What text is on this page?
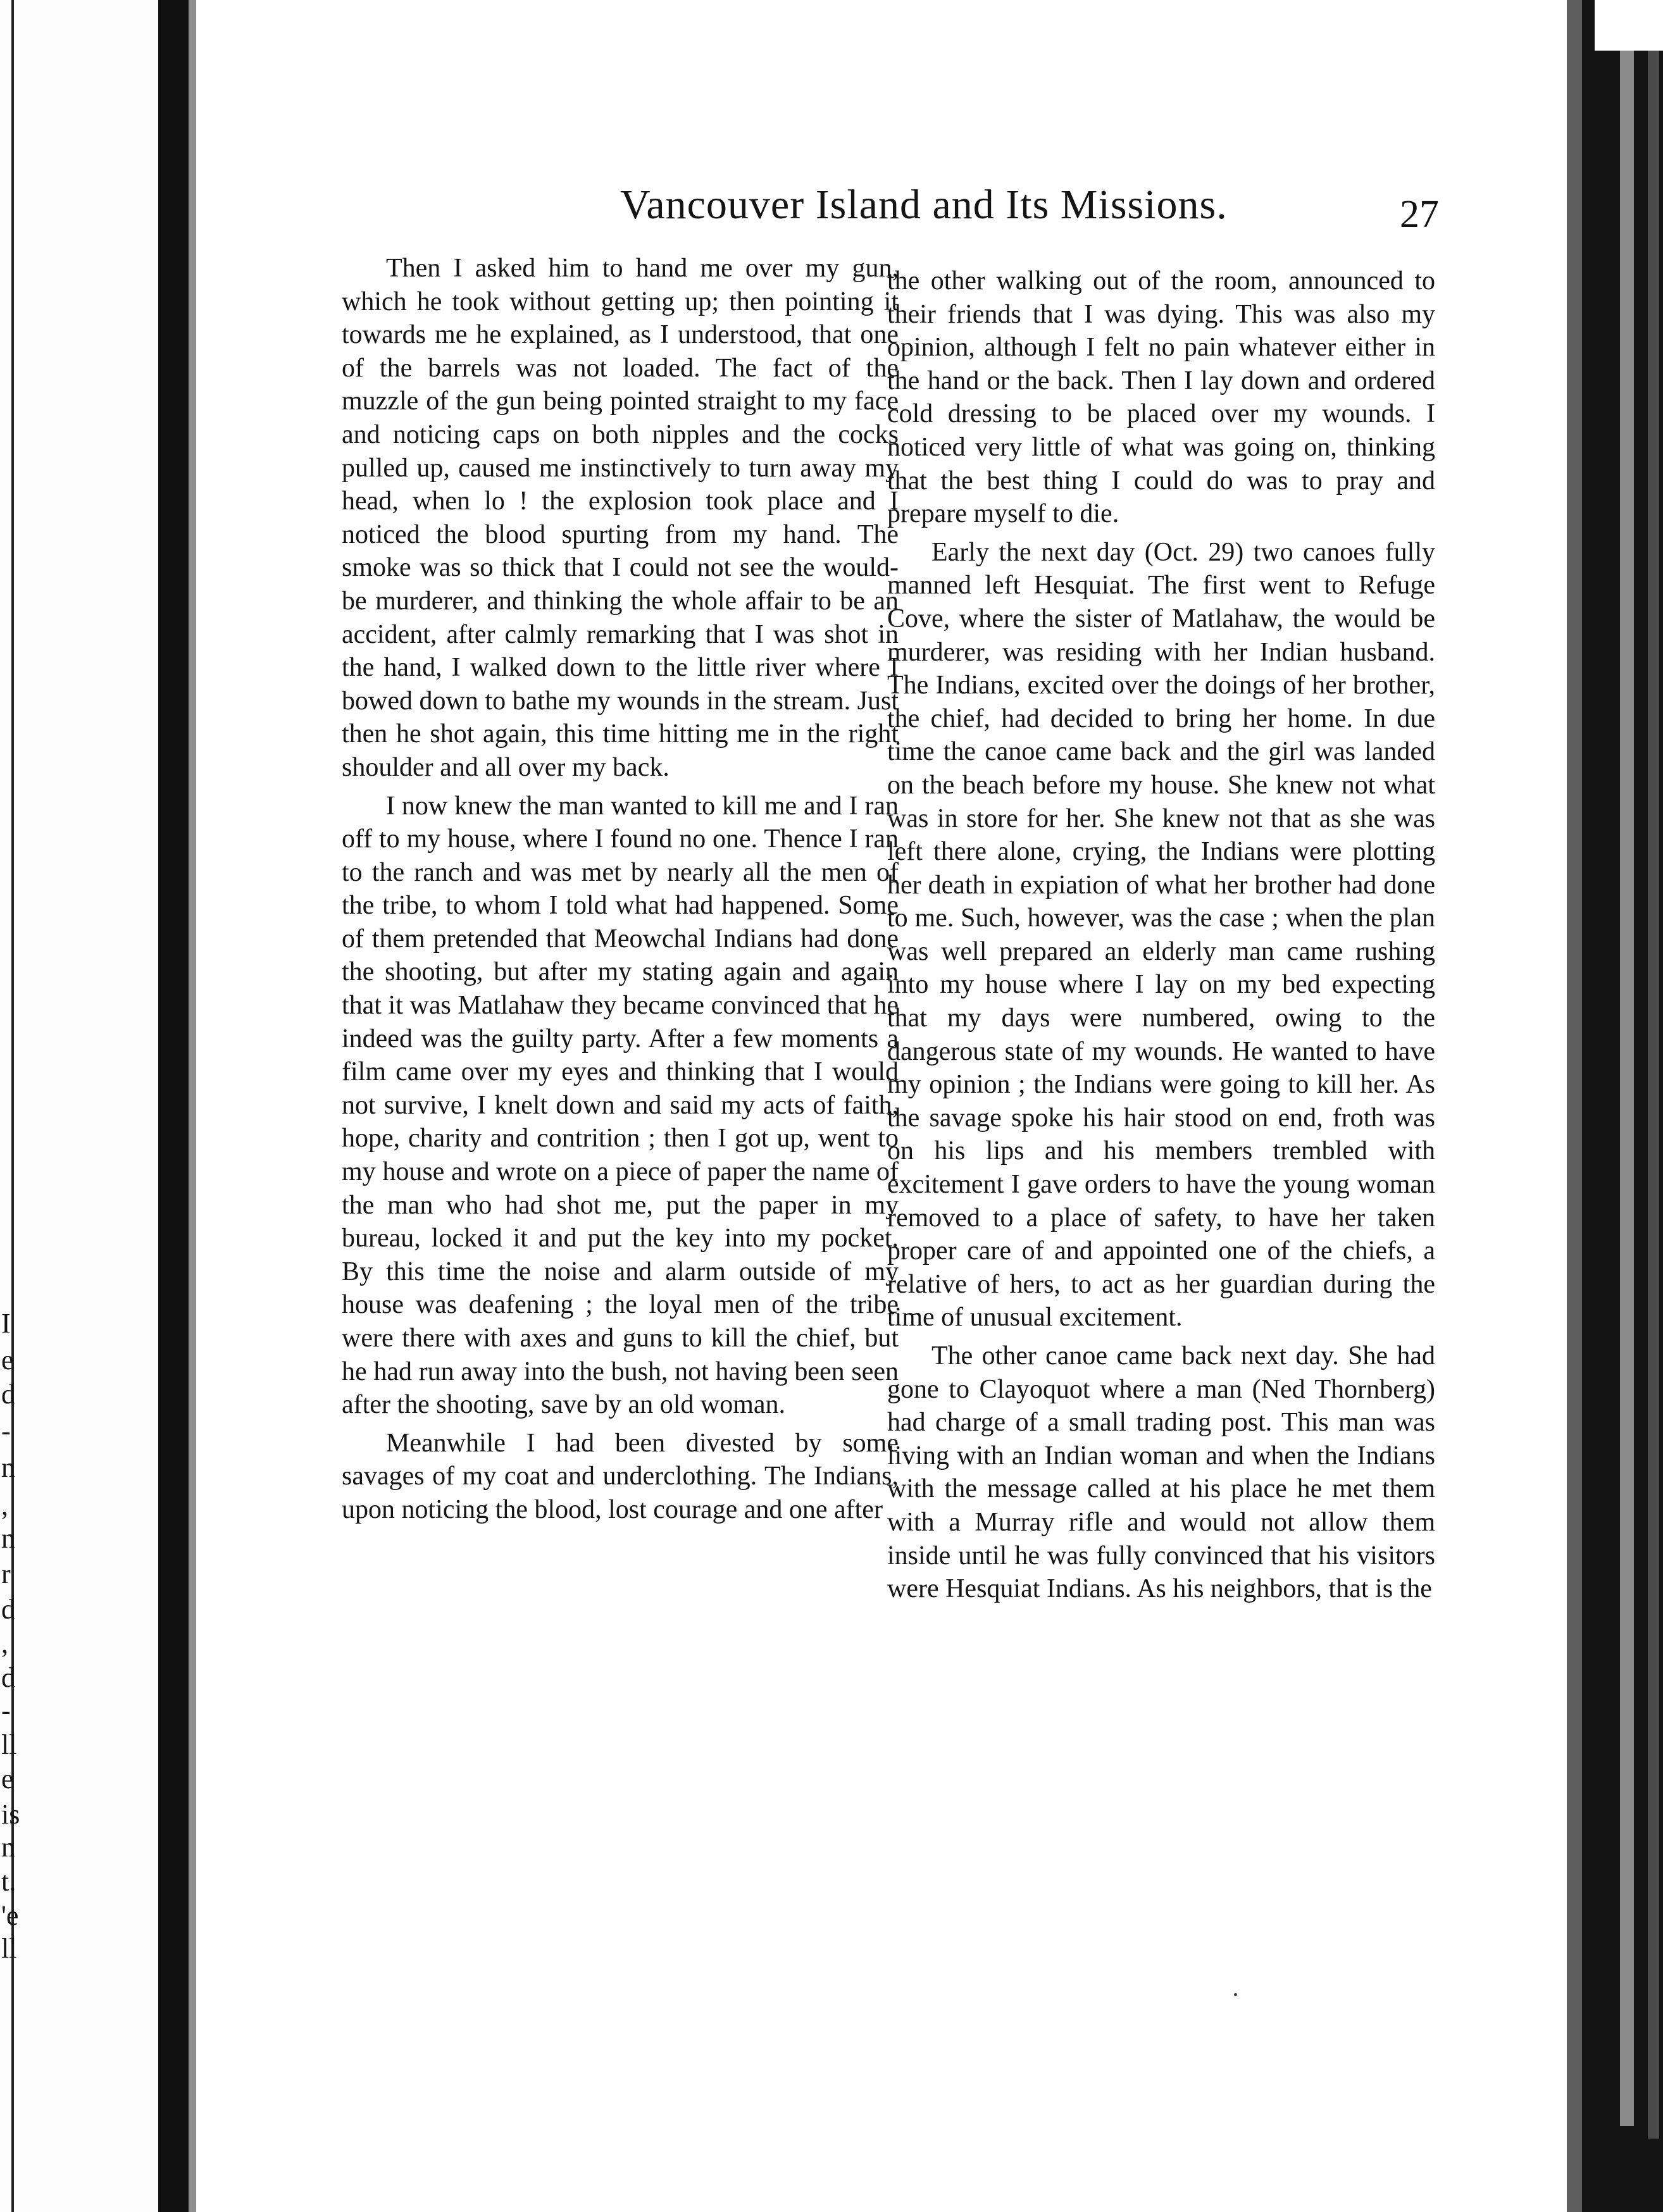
I
e
d
-
n
,
n
r
d
,
d
-
ll
e
is
n
t.
'e
ll
Vancouver Island and Its Missions.	27

Then I asked him to hand me over my gun, which he took without getting up; then pointing it towards me he explained, as I understood, that one of the barrels was not loaded. The fact of the muzzle of the gun being pointed straight to my face and noticing caps on both nipples and the cocks pulled up, caused me instinctively to turn away my head, when lo ! the explosion took place and I noticed the blood spurting from my hand. The smoke was so thick that I could not see the would-be murderer, and thinking the whole affair to be an accident, after calmly remarking that I was shot in the hand, I walked down to the little river where I bowed down to bathe my wounds in the stream. Just then he shot again, this time hitting me in the right shoulder and all over my back.

I now knew the man wanted to kill me and I ran off to my house, where I found no one. Thence I ran to the ranch and was met by nearly all the men of the tribe, to whom I told what had happened. Some of them pretended that Meowchal Indians had done the shooting, but after my stating again and again that it was Matlahaw they became convinced that he indeed was the guilty party. After a few moments a film came over my eyes and thinking that I would not survive, I knelt down and said my acts of faith, hope, charity and contrition ; then I got up, went to my house and wrote on a piece of paper the name of the man who had shot me, put the paper in my bureau, locked it and put the key into my pocket. By this time the noise and alarm outside of my house was deafening ; the loyal men of the tribe were there with axes and guns to kill the chief, but he had run away into the bush, not having been seen after the shooting, save by an old woman.

Meanwhile I had been divested by some savages of my coat and underclothing. The Indians, upon noticing the blood, lost courage and one after

the other walking out of the room, announced to their friends that I was dying. This was also my opinion, although I felt no pain whatever either in the hand or the back. Then I lay down and ordered cold dressing to be placed over my wounds. I noticed very little of what was going on, thinking that the best thing I could do was to pray and prepare myself to die.

Early the next day (Oct. 29) two canoes fully manned left Hesquiat. The first went to Refuge Cove, where the sister of Matlahaw, the would be murderer, was residing with her Indian husband. The Indians, excited over the doings of her brother, the chief, had decided to bring her home. In due time the canoe came back and the girl was landed on the beach before my house. She knew not what was in store for her. She knew not that as she was left there alone, crying, the Indians were plotting her death in expiation of what her brother had done to me. Such, however, was the case ; when the plan was well prepared an elderly man came rushing into my house where I lay on my bed expecting that my days were numbered, owing to the dangerous state of my wounds. He wanted to have my opinion ; the Indians were going to kill her. As the savage spoke his hair stood on end, froth was on his lips and his members trembled with excitement I gave orders to have the young woman removed to a place of safety, to have her taken proper care of and appointed one of the chiefs, a relative of hers, to act as her guardian during the time of unusual excitement.

The other canoe came back next day. She had gone to Clayoquot where a man (Ned Thornberg) had charge of a small trading post. This man was living with an Indian woman and when the Indians with the message called at his place he met them with a Murray rifle and would not allow them inside until he was fully convinced that his visitors were Hesquiat Indians. As his neighbors, that is the
